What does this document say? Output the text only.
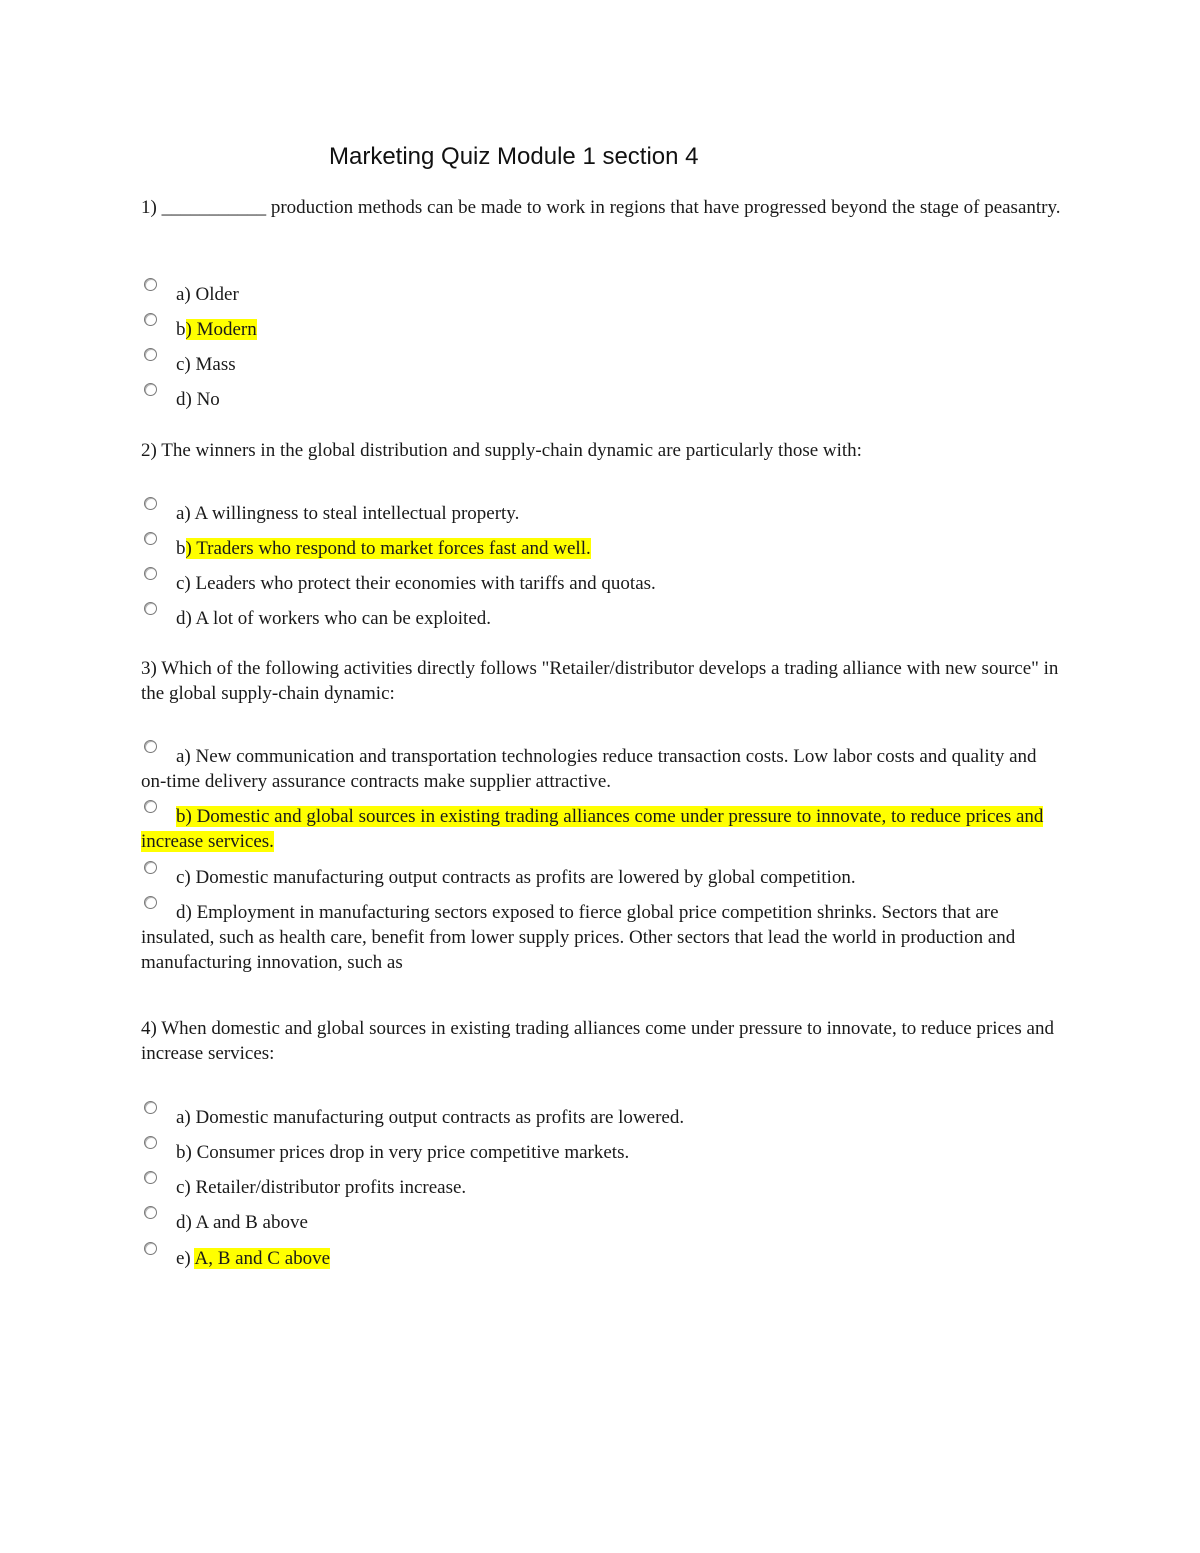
Marketing Quiz Module 1 section 4

1) ___________ production methods can be made to work in regions that have progressed beyond the stage of peasantry.

a) Older
b) Modern
c) Mass
d) No

2) The winners in the global distribution and supply-chain dynamic are particularly those with:

a) A willingness to steal intellectual property.
b) Traders who respond to market forces fast and well.
c) Leaders who protect their economies with tariffs and quotas.
d) A lot of workers who can be exploited.

3) Which of the following activities directly follows "Retailer/distributor develops a trading alliance with new source" in the global supply-chain dynamic:

a) New communication and transportation technologies reduce transaction costs. Low labor costs and quality and on-time delivery assurance contracts make supplier attractive.
b) Domestic and global sources in existing trading alliances come under pressure to innovate, to reduce prices and increase services.
c) Domestic manufacturing output contracts as profits are lowered by global competition.
d) Employment in manufacturing sectors exposed to fierce global price competition shrinks. Sectors that are insulated, such as health care, benefit from lower supply prices. Other sectors that lead the world in production and manufacturing innovation, such as

4) When domestic and global sources in existing trading alliances come under pressure to innovate, to reduce prices and increase services:

a) Domestic manufacturing output contracts as profits are lowered.
b) Consumer prices drop in very price competitive markets.
c) Retailer/distributor profits increase.
d) A and B above
e) A, B and C above
